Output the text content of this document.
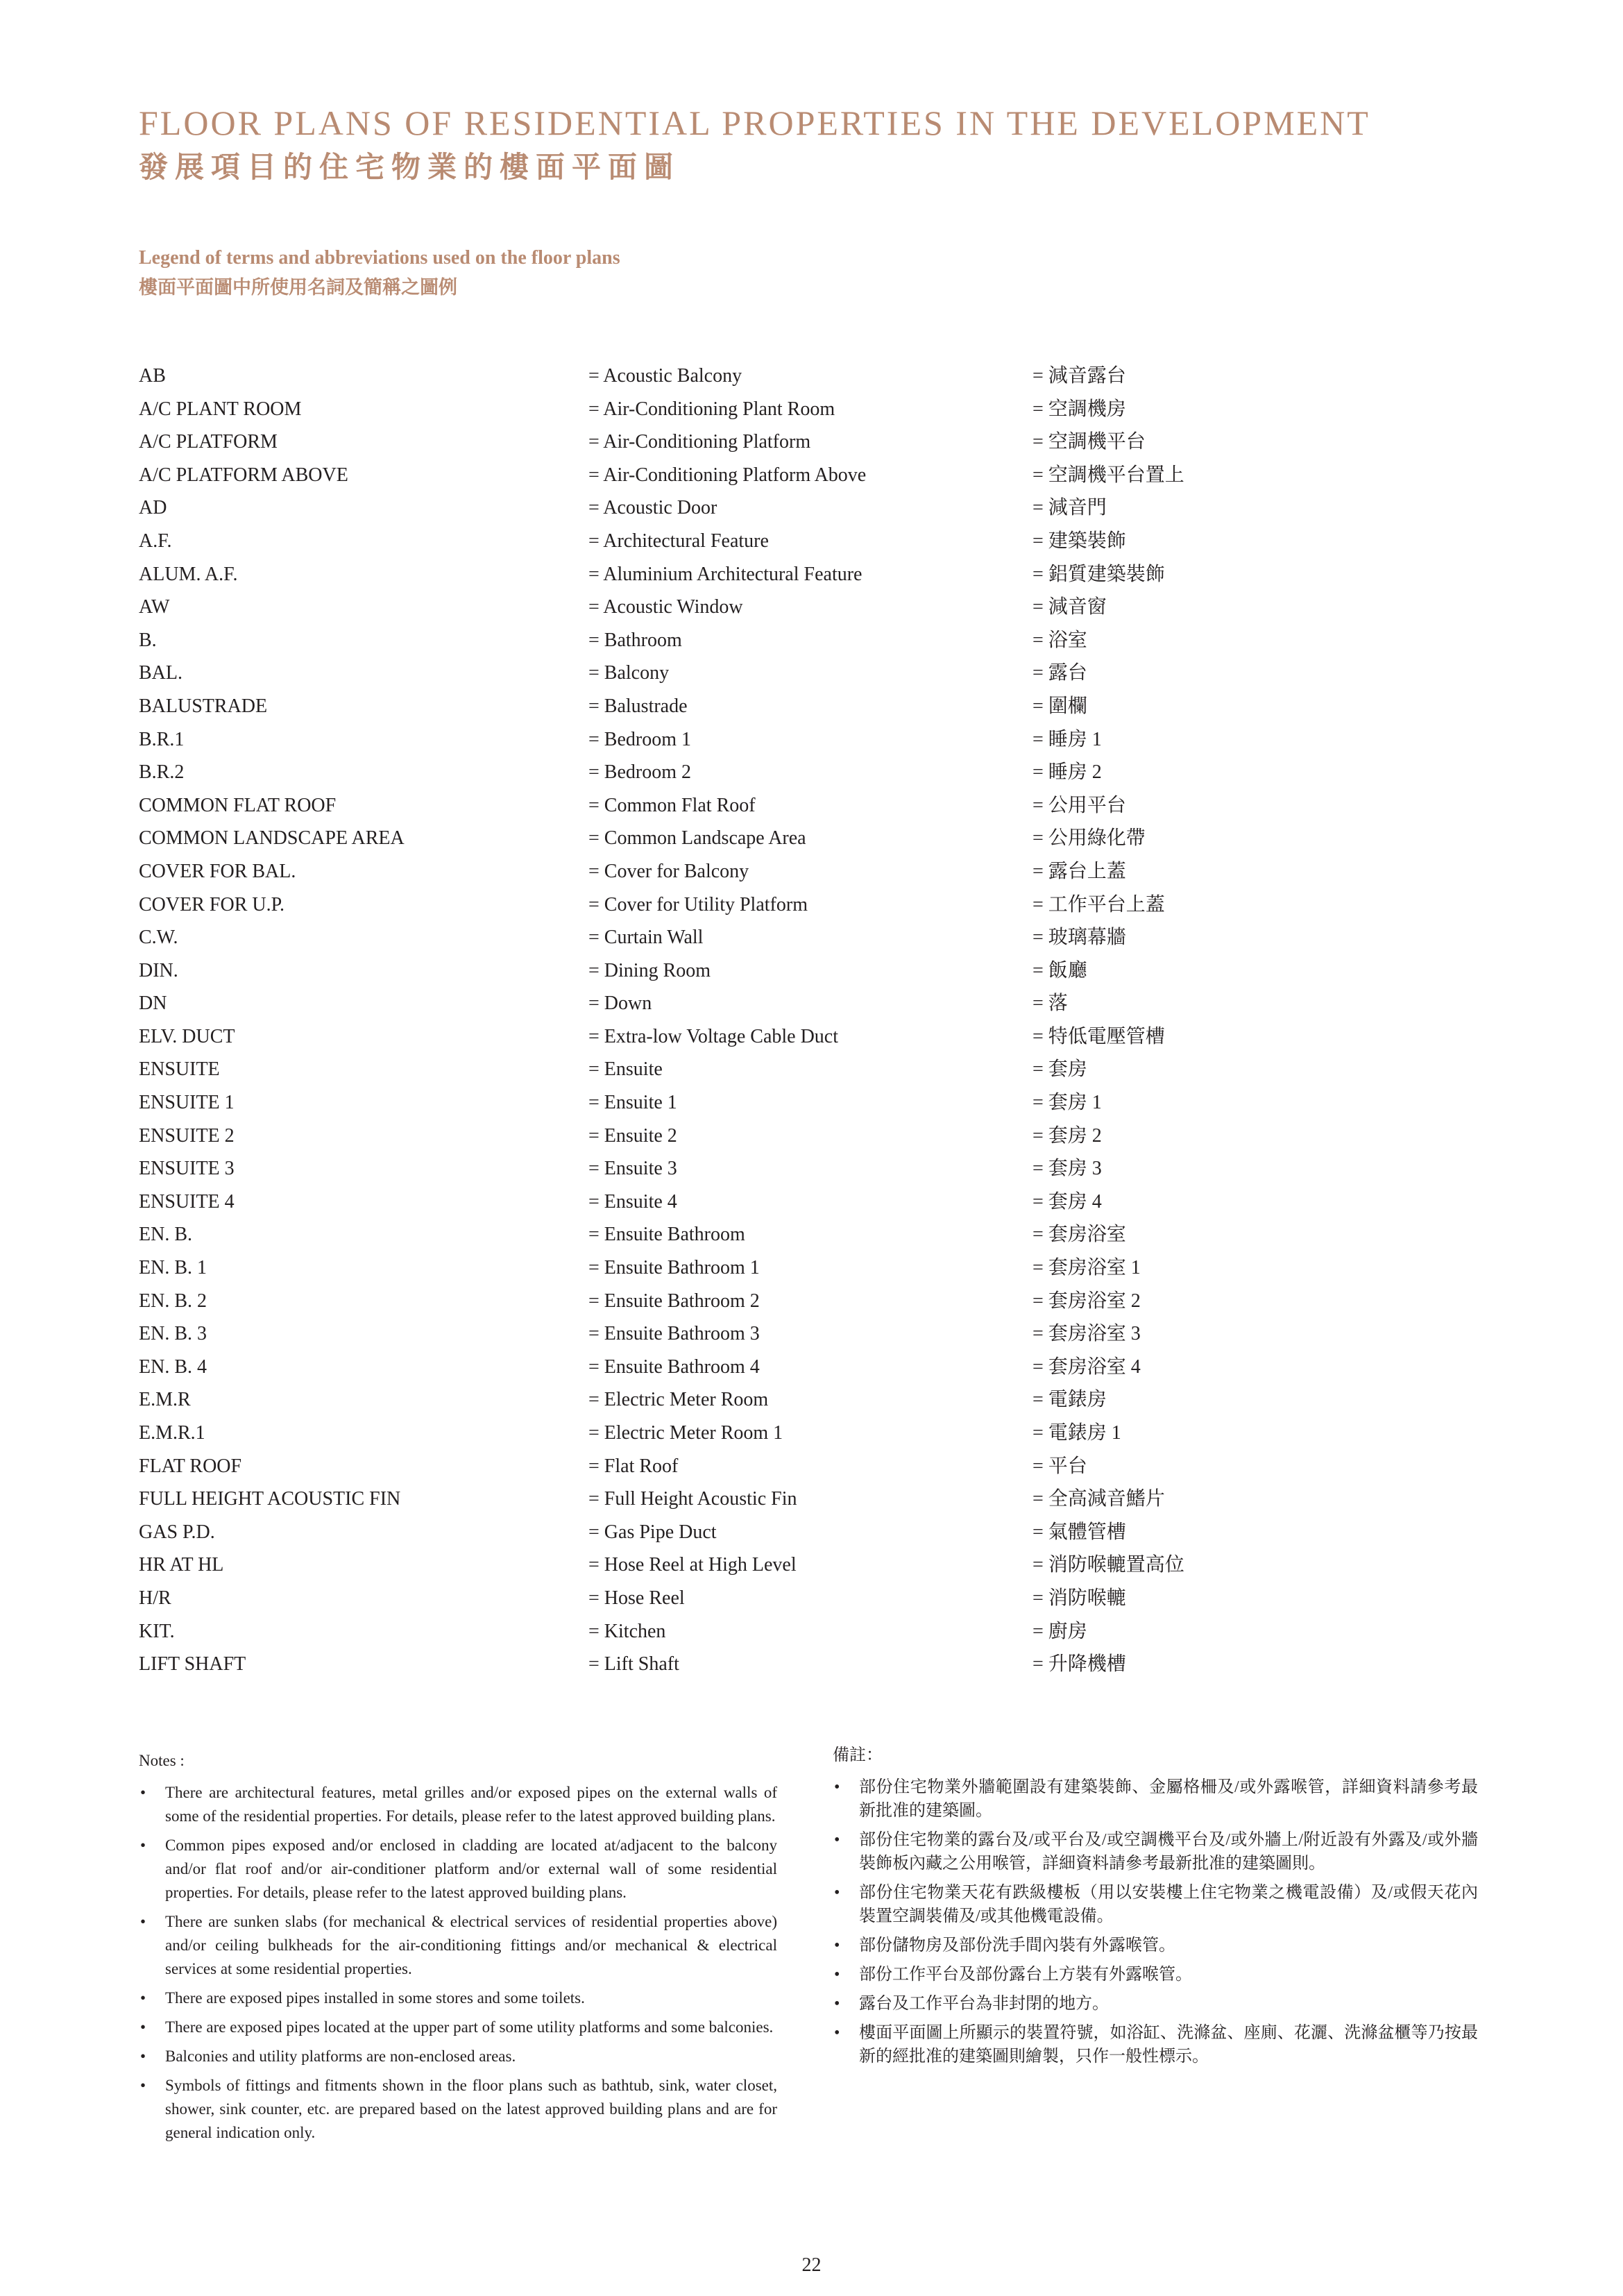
FLOOR PLANS OF RESIDENTIAL PROPERTIES IN THE DEVELOPMENT
發展項目的住宅物業的樓面平面圖
Legend of terms and abbreviations used on the floor plans
樓面平面圖中所使用名詞及簡稱之圖例
AB	= Acoustic Balcony	= 減音露台
A/C PLANT ROOM	= Air-Conditioning Plant Room	= 空調機房
A/C PLATFORM	= Air-Conditioning Platform	= 空調機平台
A/C PLATFORM ABOVE	= Air-Conditioning Platform Above	= 空調機平台置上
AD	= Acoustic Door	= 減音門
A.F.	= Architectural Feature	= 建築裝飾
ALUM. A.F.	= Aluminium Architectural Feature	= 鋁質建築裝飾
AW	= Acoustic Window	= 減音窗
B.	= Bathroom	= 浴室
BAL.	= Balcony	= 露台
BALUSTRADE	= Balustrade	= 圍欄
B.R.1	= Bedroom 1	= 睡房 1
B.R.2	= Bedroom 2	= 睡房 2
COMMON FLAT ROOF	= Common Flat Roof	= 公用平台
COMMON LANDSCAPE AREA	= Common Landscape Area	= 公用綠化帶
COVER FOR BAL.	= Cover for Balcony	= 露台上蓋
COVER FOR U.P.	= Cover for Utility Platform	= 工作平台上蓋
C.W.	= Curtain Wall	= 玻璃幕牆
DIN.	= Dining Room	= 飯廳
DN	= Down	= 落
ELV. DUCT	= Extra-low Voltage Cable Duct	= 特低電壓管槽
ENSUITE	= Ensuite	= 套房
ENSUITE 1	= Ensuite 1	= 套房 1
ENSUITE 2	= Ensuite 2	= 套房 2
ENSUITE 3	= Ensuite 3	= 套房 3
ENSUITE 4	= Ensuite 4	= 套房 4
EN. B.	= Ensuite Bathroom	= 套房浴室
EN. B. 1	= Ensuite Bathroom 1	= 套房浴室 1
EN. B. 2	= Ensuite Bathroom 2	= 套房浴室 2
EN. B. 3	= Ensuite Bathroom 3	= 套房浴室 3
EN. B. 4	= Ensuite Bathroom 4	= 套房浴室 4
E.M.R	= Electric Meter Room	= 電錶房
E.M.R.1	= Electric Meter Room 1	= 電錶房 1
FLAT ROOF	= Flat Roof	= 平台
FULL HEIGHT ACOUSTIC FIN	= Full Height Acoustic Fin	= 全高減音鰭片
GAS P.D.	= Gas Pipe Duct	= 氣體管槽
HR AT HL	= Hose Reel at High Level	= 消防喉轆置高位
H/R	= Hose Reel	= 消防喉轆
KIT.	= Kitchen	= 廚房
LIFT SHAFT	= Lift Shaft	= 升降機槽
Notes :
• There are architectural features, metal grilles and/or exposed pipes on the external walls of some of the residential properties. For details, please refer to the latest approved building plans.
• Common pipes exposed and/or enclosed in cladding are located at/adjacent to the balcony and/or flat roof and/or air-conditioner platform and/or external wall of some residential properties. For details, please refer to the latest approved building plans.
• There are sunken slabs (for mechanical & electrical services of residential properties above) and/or ceiling bulkheads for the air-conditioning fittings and/or mechanical & electrical services at some residential properties.
• There are exposed pipes installed in some stores and some toilets.
• There are exposed pipes located at the upper part of some utility platforms and some balconies.
• Balconies and utility platforms are non-enclosed areas.
• Symbols of fittings and fitments shown in the floor plans such as bathtub, sink, water closet, shower, sink counter, etc. are prepared based on the latest approved building plans and are for general indication only.
備註：
• 部份住宅物業外牆範圍設有建築裝飾、金屬格柵及/或外露喉管，詳細資料請參考最新批准的建築圖。
• 部份住宅物業的露台及/或平台及/或空調機平台及/或外牆上/附近設有外露及/或外牆裝飾板內藏之公用喉管，詳細資料請參考最新批准的建築圖則。
• 部份住宅物業天花有跌級樓板（用以安裝樓上住宅物業之機電設備）及/或假天花內裝置空調裝備及/或其他機電設備。
• 部份儲物房及部份洗手間內裝有外露喉管。
• 部份工作平台及部份露台上方裝有外露喉管。
• 露台及工作平台為非封閉的地方。
• 樓面平面圖上所顯示的裝置符號，如浴缸、洗滌盆、座廁、花灑、洗滌盆櫃等乃按最新的經批准的建築圖則繪製，只作一般性標示。
22
